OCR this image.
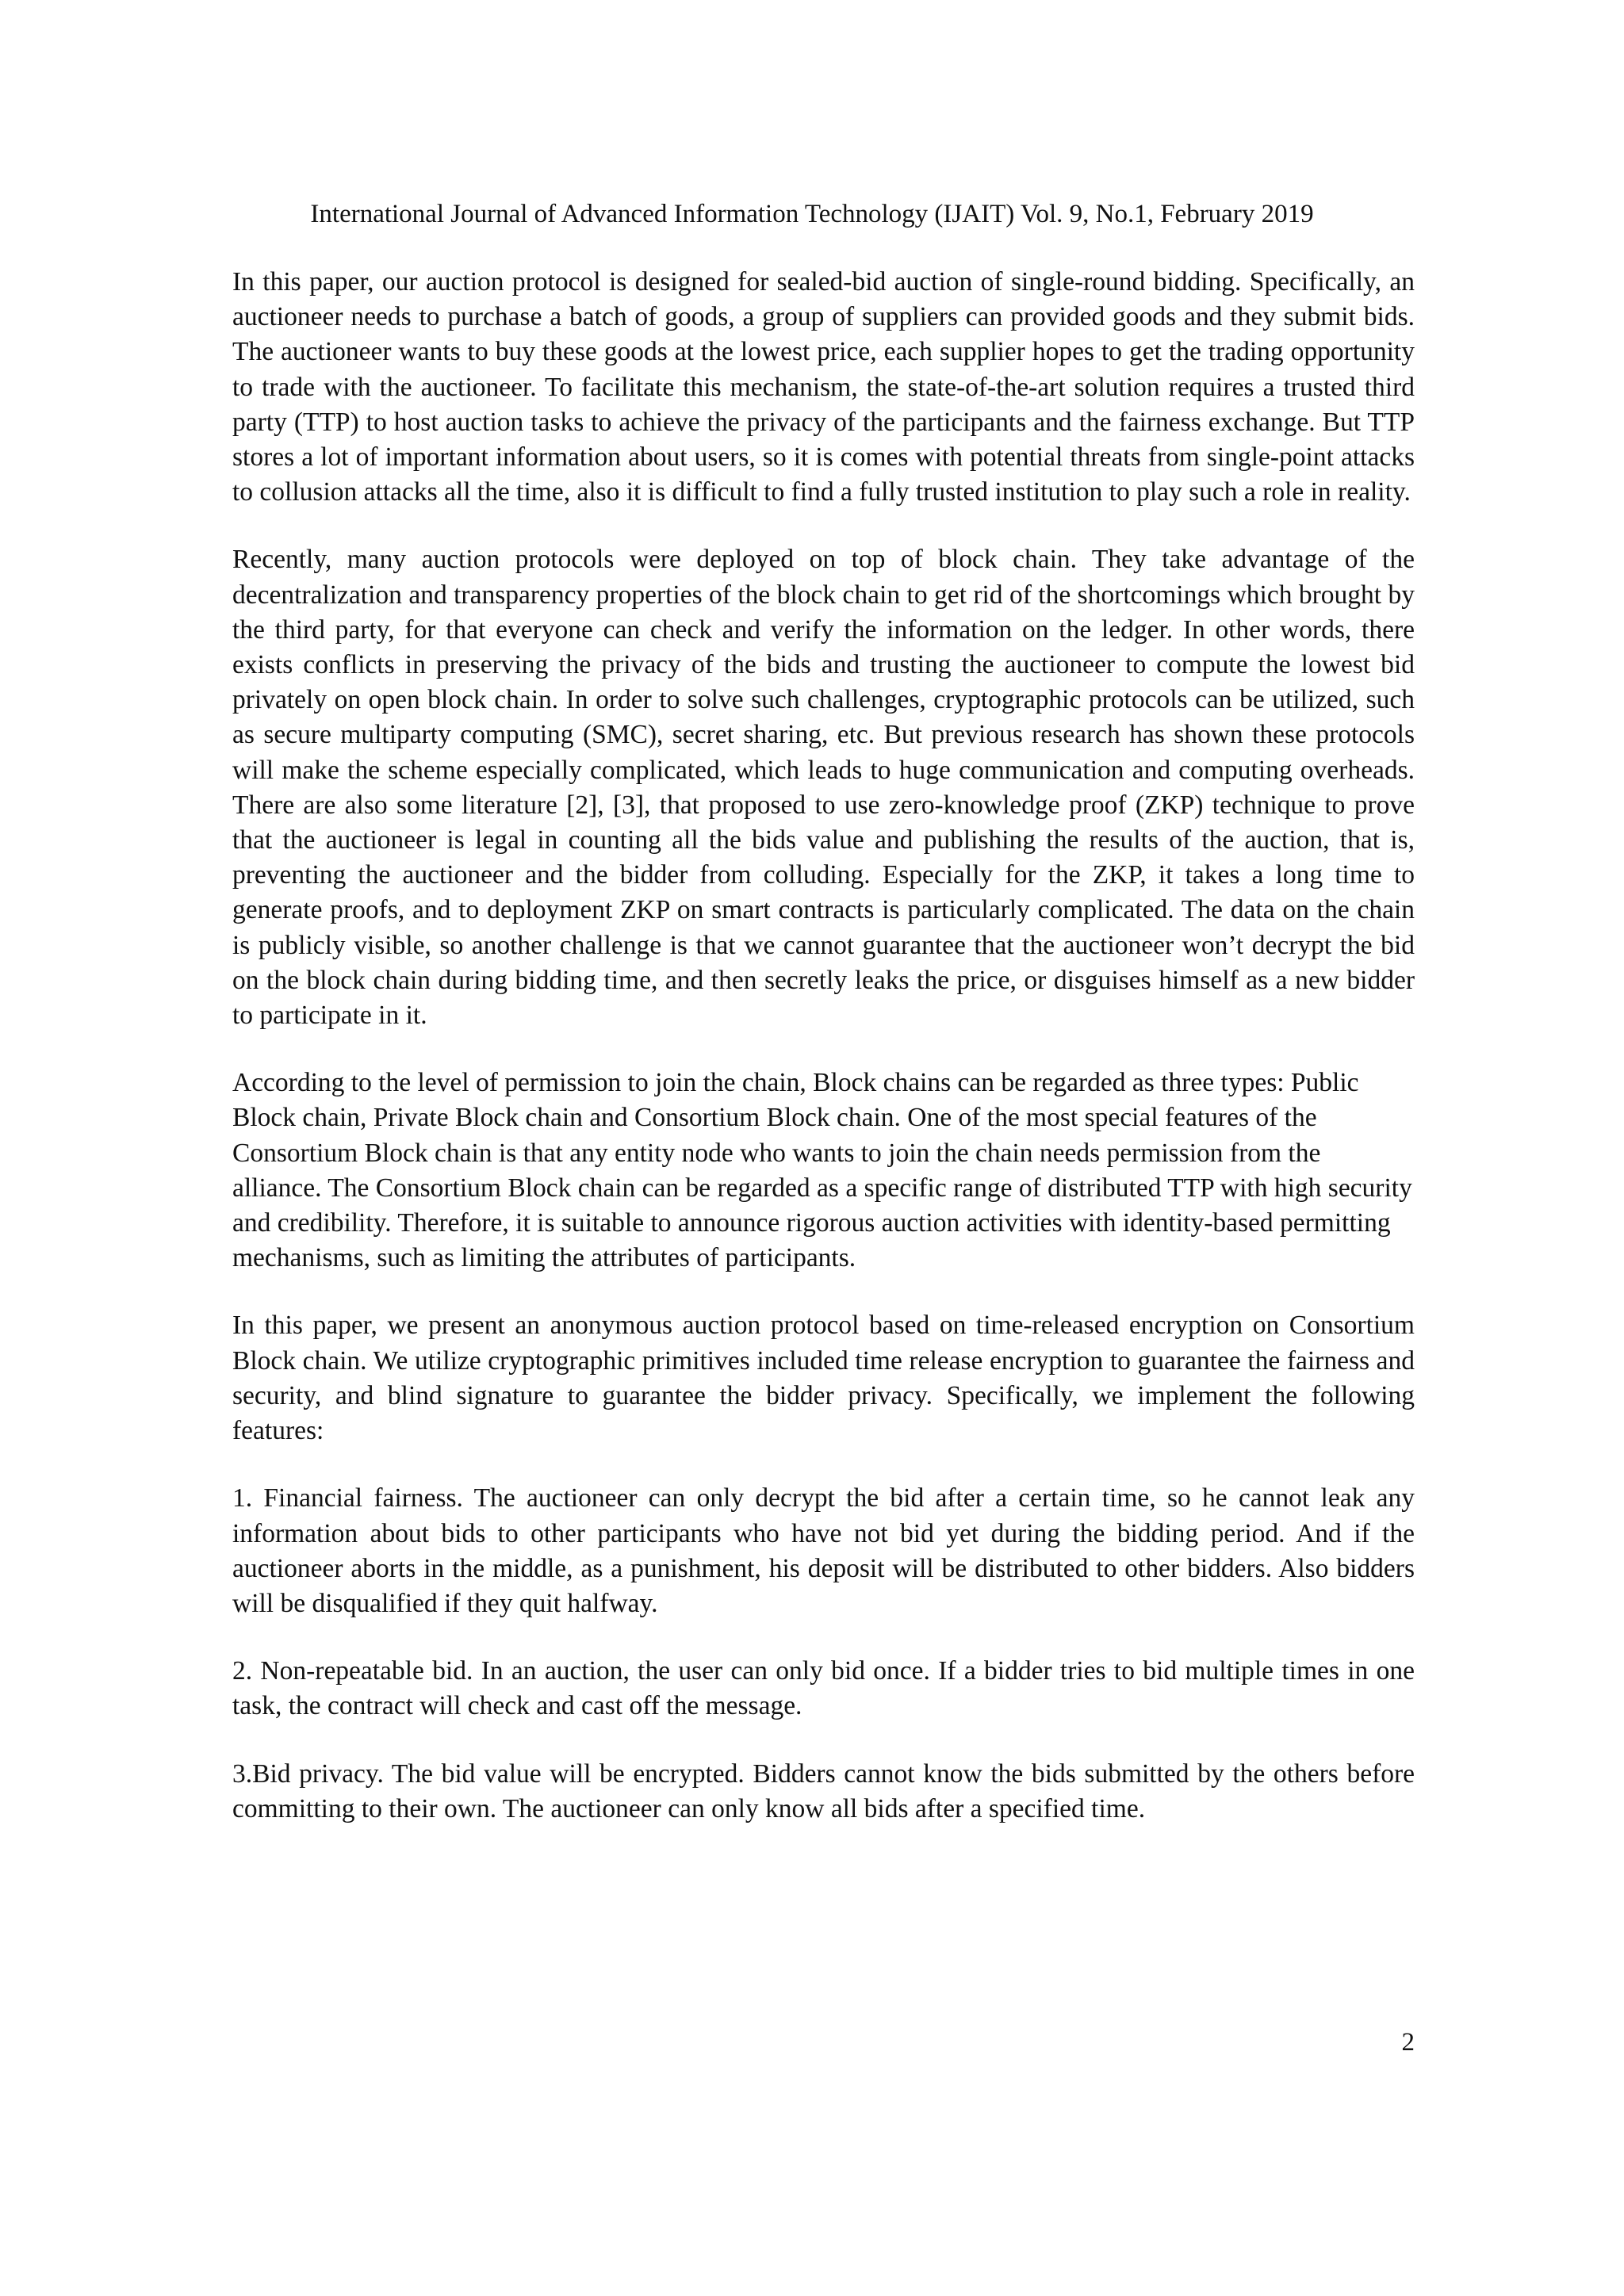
International Journal of Advanced Information Technology (IJAIT) Vol. 9, No.1, February 2019

In this paper, our auction protocol is designed for sealed-bid auction of single-round bidding. Specifically, an auctioneer needs to purchase a batch of goods, a group of suppliers can provided goods and they submit bids. The auctioneer wants to buy these goods at the lowest price, each supplier hopes to get the trading opportunity to trade with the auctioneer. To facilitate this mechanism, the state-of-the-art solution requires a trusted third party (TTP) to host auction tasks to achieve the privacy of the participants and the fairness exchange. But TTP stores a lot of important information about users, so it is comes with potential threats from single-point attacks to collusion attacks all the time, also it is difficult to find a fully trusted institution to play such a role in reality.

Recently, many auction protocols were deployed on top of block chain. They take advantage of the decentralization and transparency properties of the block chain to get rid of the shortcomings which brought by the third party, for that everyone can check and verify the information on the ledger. In other words, there exists conflicts in preserving the privacy of the bids and trusting the auctioneer to compute the lowest bid privately on open block chain. In order to solve such challenges, cryptographic protocols can be utilized, such as secure multiparty computing (SMC), secret sharing, etc. But previous research has shown these protocols will make the scheme especially complicated, which leads to huge communication and computing overheads. There are also some literature [2], [3], that proposed to use zero-knowledge proof (ZKP) technique to prove that the auctioneer is legal in counting all the bids value and publishing the results of the auction, that is, preventing the auctioneer and the bidder from colluding. Especially for the ZKP, it takes a long time to generate proofs, and to deployment ZKP on smart contracts is particularly complicated. The data on the chain is publicly visible, so another challenge is that we cannot guarantee that the auctioneer won’t decrypt the bid on the block chain during bidding time, and then secretly leaks the price, or disguises himself as a new bidder to participate in it.

According to the level of permission to join the chain, Block chains can be regarded as three types: Public Block chain, Private Block chain and Consortium Block chain. One of the most special features of the Consortium Block chain is that any entity node who wants to join the chain needs permission from the alliance. The Consortium Block chain can be regarded as a specific range of distributed TTP with high security and credibility. Therefore, it is suitable to announce rigorous auction activities with identity-based permitting mechanisms, such as limiting the attributes of participants.

In this paper, we present an anonymous auction protocol based on time-released encryption on Consortium Block chain. We utilize cryptographic primitives included time release encryption to guarantee the fairness and security, and blind signature to guarantee the bidder privacy. Specifically, we implement the following features:

1. Financial fairness. The auctioneer can only decrypt the bid after a certain time, so he cannot leak any information about bids to other participants who have not bid yet during the bidding period. And if the auctioneer aborts in the middle, as a punishment, his deposit will be distributed to other bidders. Also bidders will be disqualified if they quit halfway.

2. Non-repeatable bid. In an auction, the user can only bid once. If a bidder tries to bid multiple times in one task, the contract will check and cast off the message.

3.Bid privacy. The bid value will be encrypted. Bidders cannot know the bids submitted by the others before committing to their own. The auctioneer can only know all bids after a specified time.

2
